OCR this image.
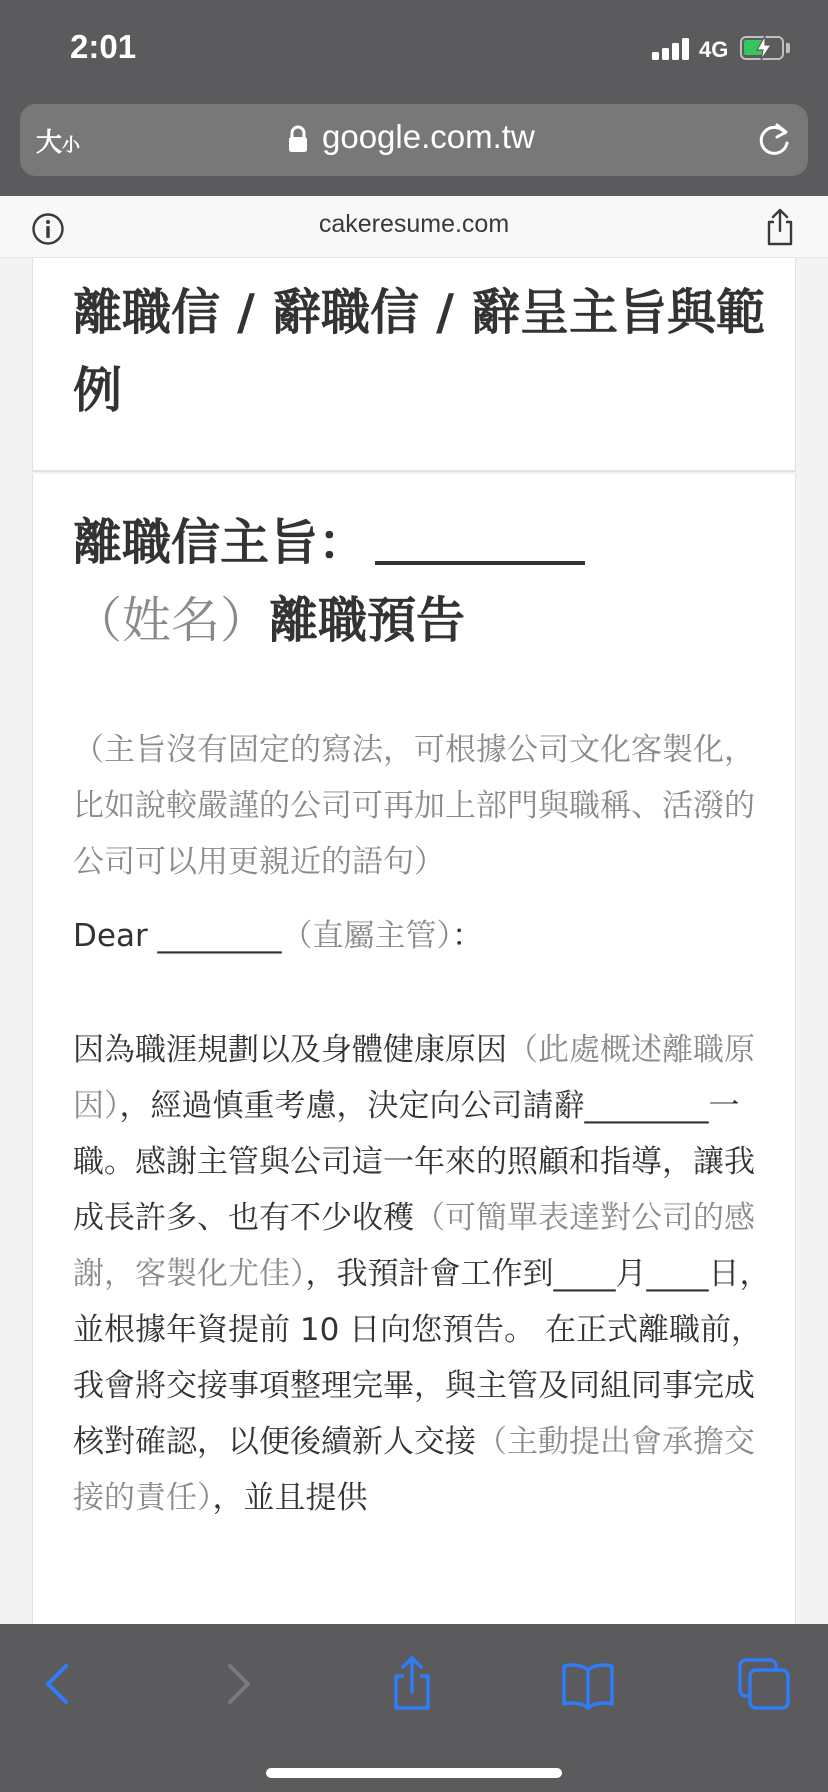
2:01	4G
大小	google.com.tw
cakeresume.com
離職信 / 辭職信 / 辭呈主旨與範例
離職信主旨：（姓名）離職預告
（主旨沒有固定的寫法，可根據公司文化客製化， 比如說較嚴謹的公司可再加上部門與職稱、活潑的公司可以用更親近的語句）
Dear ________（直屬主管）：
因為職涯規劃以及身體健康原因（此處概述離職原因），經過慎重考慮，決定向公司請辭________一職。感謝主管與公司這一年來的照顧和指導，讓我成長許多、也有不少收穫（可簡單表達對公司的感謝，客製化尤佳），我預計會工作到____月____日，並根據年資提前 10 日向您預告。 在正式離職前，我會將交接事項整理完畢，與主管及同組同事完成核對確認，以便後續新人交接（主動提出會承擔交接的責任），並且提供
